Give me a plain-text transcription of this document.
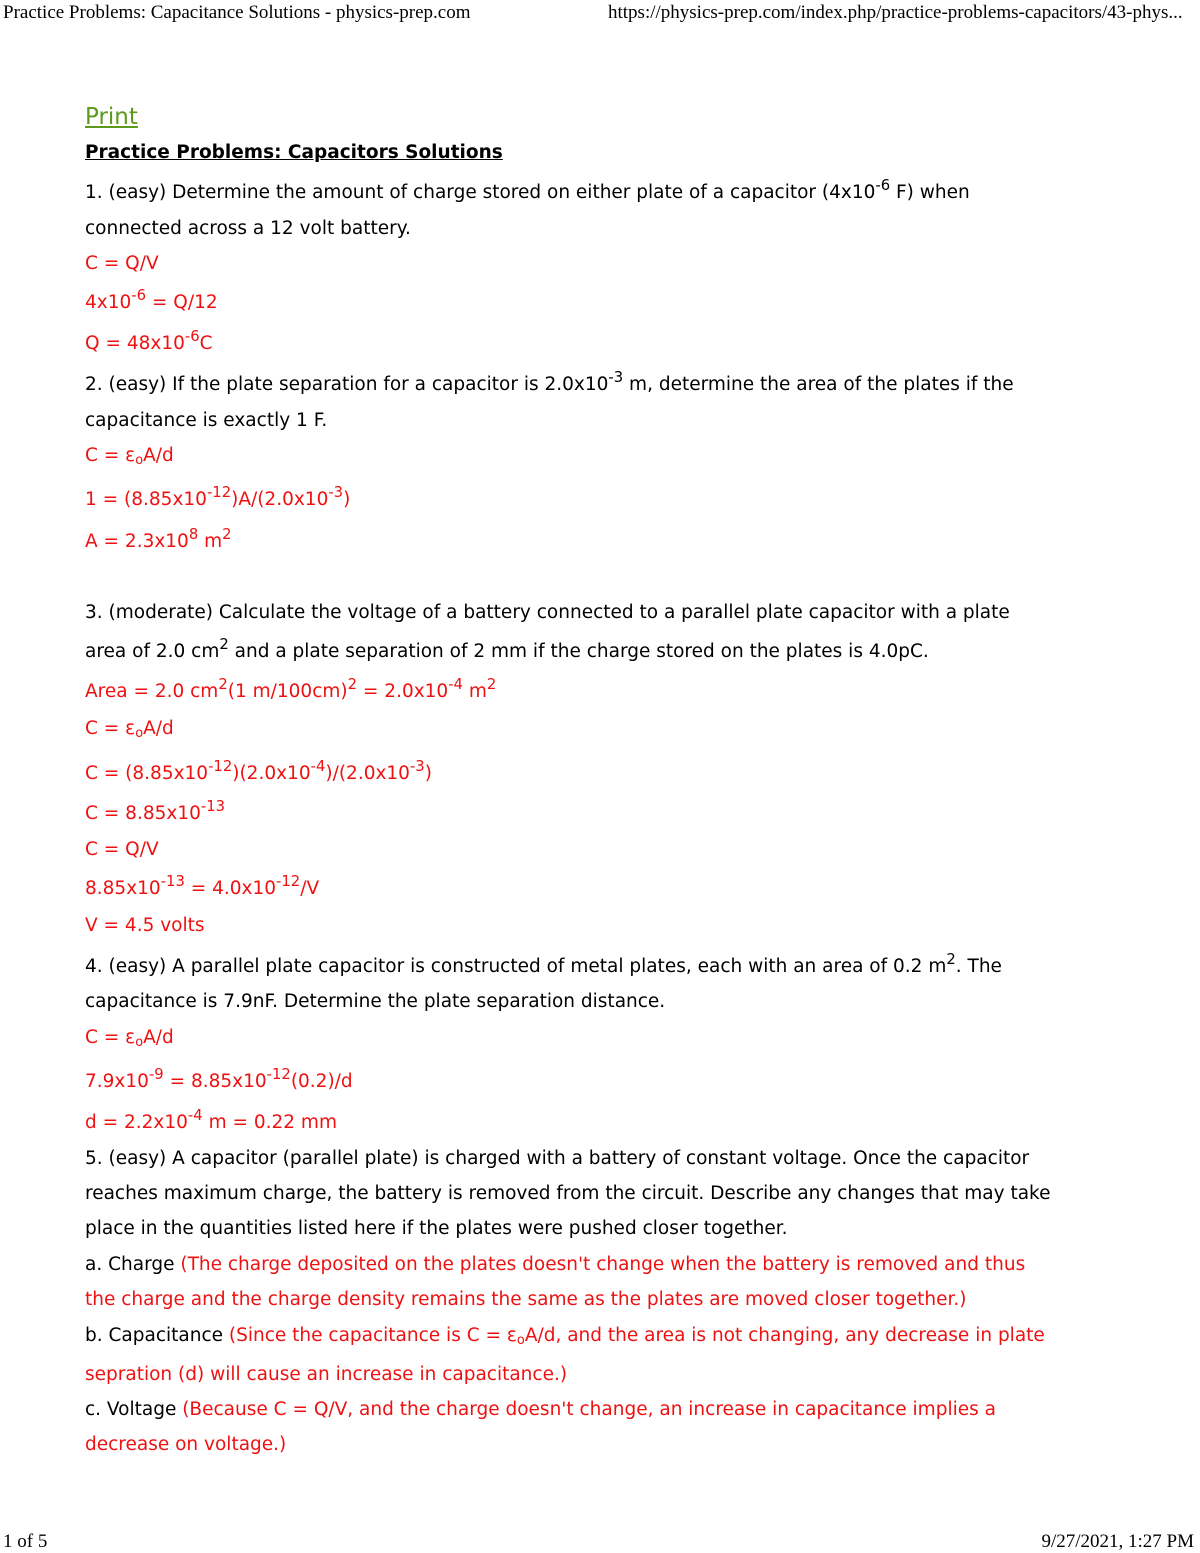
Practice Problems: Capacitance Solutions - physics-prep.com	https://physics-prep.com/index.php/practice-problems-capacitors/43-phys...
Print
Practice Problems: Capacitors Solutions
1. (easy) Determine the amount of charge stored on either plate of a capacitor ($4x10^{-6}$ F) when
connected across a 12 volt battery.
C = Q/V
$4x10^{-6} = Q/12$
$Q = 48x10^{-6}C$
2. (easy) If the plate separation for a capacitor is $2.0x10^{-3}$ m, determine the area of the plates if the
capacitance is exactly 1 F.
$C = \varepsilon_oA/d$
$1 = (8.85x10^{-12})A/(2.0x10^{-3})$
$A = 2.3x10^8$ $m^2$
3. (moderate) Calculate the voltage of a battery connected to a parallel plate capacitor with a plate
area of 2.0 $cm^2$ and a plate separation of 2 mm if the charge stored on the plates is 4.0pC.
Area = 2.0 $cm^2(1$ $m/100cm)^2 = 2.0x10^{-4}$ $m^2$
$C = \varepsilon_oA/d$
$C = (8.85x10^{-12})(2.0x10^{-4})/(2.0x10^{-3})$
$C = 8.85x10^{-13}$
C = Q/V
$8.85x10^{-13} = 4.0x10^{-12}/V$
V = 4.5 volts
4. (easy) A parallel plate capacitor is constructed of metal plates, each with an area of 0.2 $m^2$. The
capacitance is 7.9nF. Determine the plate separation distance.
$C = \varepsilon_oA/d$
$7.9x10^{-9} = 8.85x10^{-12}(0.2)/d$
$d = 2.2x10^{-4}$ m = 0.22 mm
5. (easy) A capacitor (parallel plate) is charged with a battery of constant voltage. Once the capacitor
reaches maximum charge, the battery is removed from the circuit. Describe any changes that may take
place in the quantities listed here if the plates were pushed closer together.
a. Charge (The charge deposited on the plates doesn't change when the battery is removed and thus
the charge and the charge density remains the same as the plates are moved closer together.)
b. Capacitance (Since the capacitance is $C = \varepsilon_oA/d$, and the area is not changing, any decrease in plate
sepration (d) will cause an increase in capacitance.)
c. Voltage (Because C = Q/V, and the charge doesn't change, an increase in capacitance implies a
decrease on voltage.)
1 of 5	9/27/2021, 1:27 PM
